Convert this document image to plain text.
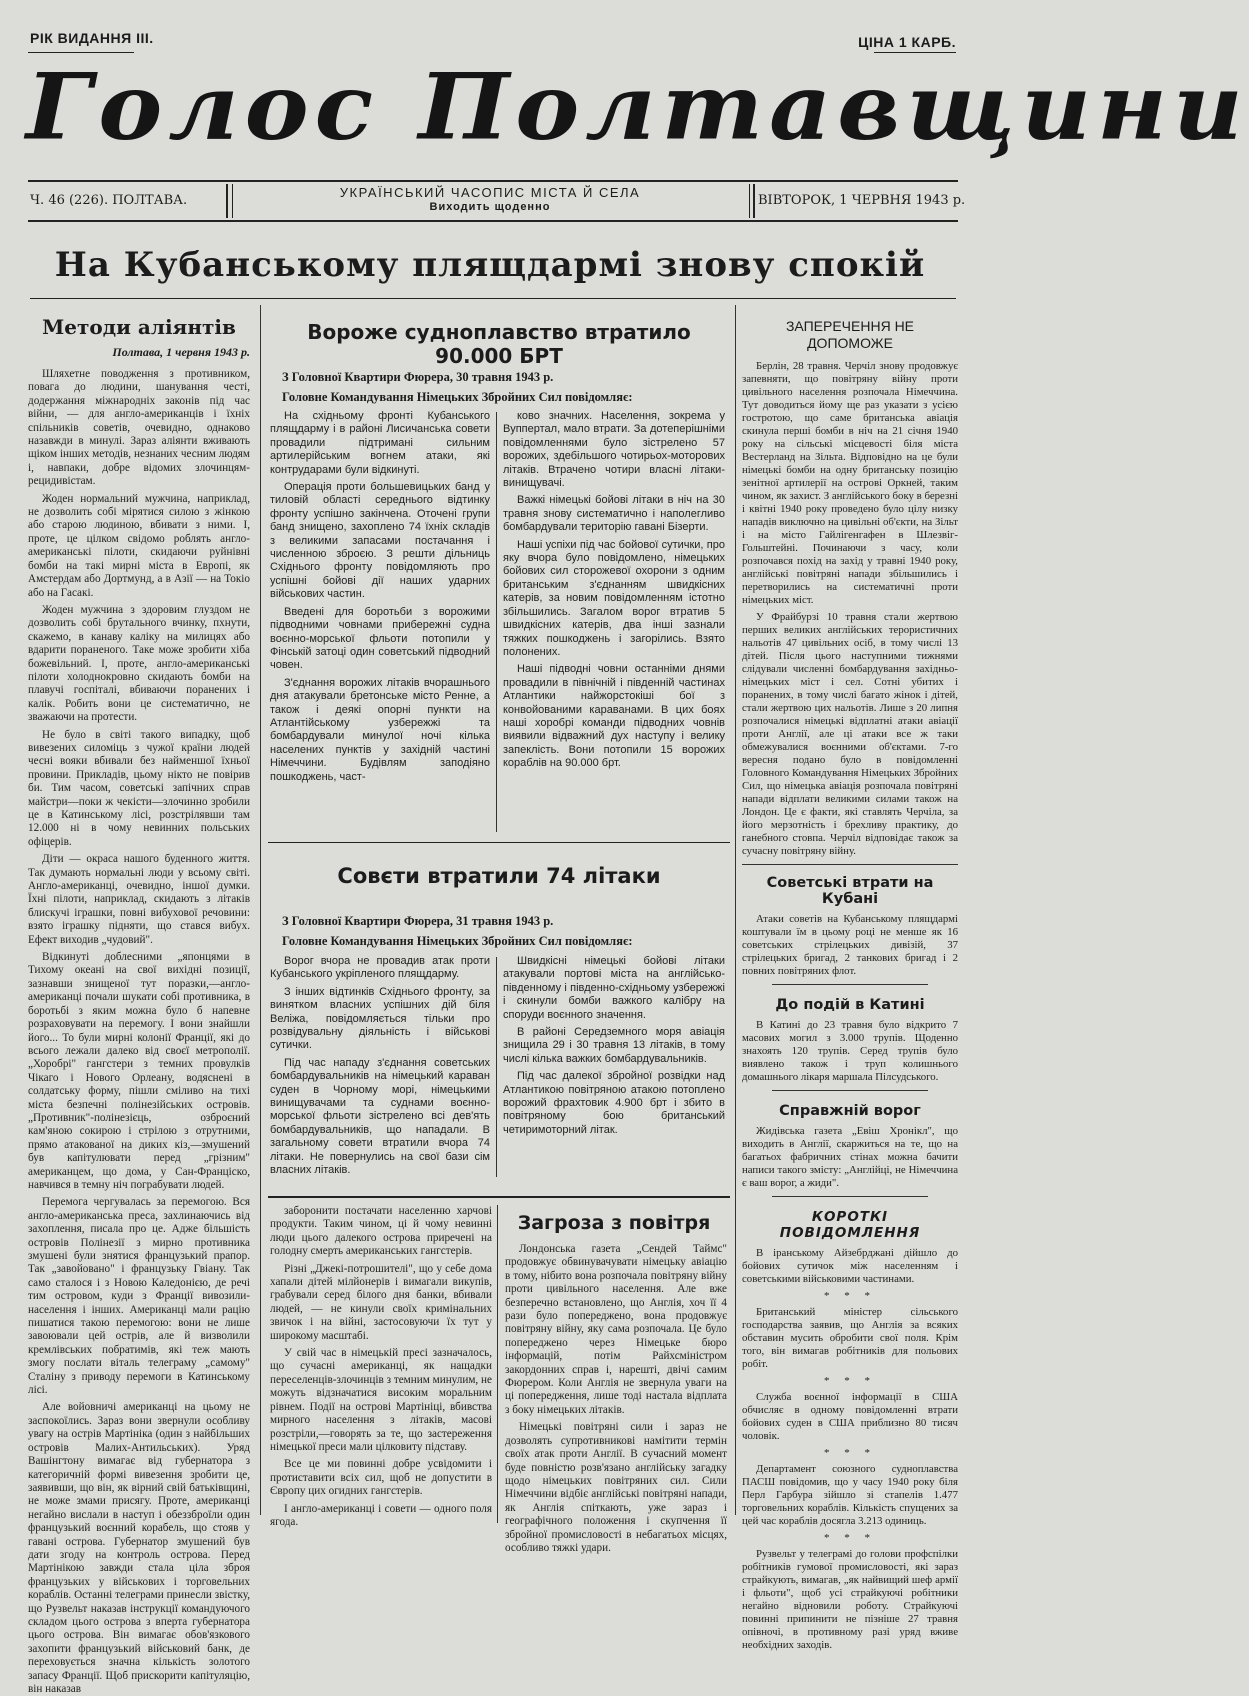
РІК ВИДАННЯ ІІІ.	ЦІНА 1 КАРБ.
Голос Полтавщини
Ч. 46 (226). ПОЛТАВА.
УКРАЇНСЬКИЙ ЧАСОПИС МІСТА Й СЕЛА
Виходить щоденно	ВІВТОРОК, 1 ЧЕРВНЯ 1943 р.
На Кубанському плящдармі знову спокій
Методи аліянтів
Полтава, 1 червня 1943 р.

Шляхетне поводження з противником, повага до людини, шанування честі, додержання міжнародніх законів під час війни, — для англо-американців і їхніх спільників советів, очевидно, однаково назавжди в минулі. Зараз аліянти вживають щіком інших методів, незнаних чесним людям і, навпаки, добре відомих злочинцям-рецидивістам.

Жоден нормальний мужчина, наприклад, не дозволить собі мірятися силою з жінкою або старою людиною, вбивати з ними. І, проте, це цілком свідомо роблять англо-американські пілоти, скидаючи руйнівні бомби на такі мирні міста в Европі, як Амстердам або Дортмунд, а в Азії — на Токіо або на Гасакі.

Жоден мужчина з здоровим глуздом не дозволить собі брутального вчинку, пхнути, скажемо, в канаву каліку на милицях або вдарити пораненого. Таке може зробити хіба божевільний. І, проте, англо-американські пілоти холоднокровно скидають бомби на плавучі госпіталі, вбиваючи поранених і калік. Робить вони це систематично, не зважаючи на протести.

Не було в світі такого випадку, щоб вивезених силоміць з чужої країни людей чесні вояки вбивали без найменшої їхньої провини. Прикладів, цьому нікто не повірив би. Тим часом, советські запічних справ майстри—поки ж чекісти—злочинно зробили це в Катинському лісі, розстрілявши там 12.000 ні в чому невинних польських офіцерів.

Діти — окраса нашого буденного життя. Так думають нормальні люди у всьому світі. Англо-американці, очевидно, іншої думки. Їхні пілоти, наприклад, скидають з літаків блискучі іграшки, повні вибухової речовини: взято іграшку підняти, що стався вибух. Ефект виходив „чудовий".

Відкинуті доблесними „японцями в Тихому океані на свої вихідні позиції, зазнавши знищеної тут поразки,—англо-американці почали шукати собі противника, в боротьбі з яким можна було б напевне розраховувати на перемогу. І вони знайшли його... То були мирні колонії Франції, які до всього лежали далеко від своєї метрополії. „Хоробрі" гангстери з темних провулків Чікаго і Нового Орлеану, водяснені в солдатську форму, пішли сміливо на тихі міста безпечні полінезійських островів. „Противник"-полінезієць, озброєний кам'яною сокирою і стрілою з отрутними, прямо атакованої на диких кіз,—змушений був капітулювати перед „грізним" американцем, що дома, у Сан-Франціско, навчився в темну ніч пограбувати людей.

Перемога чергувалась за перемогою. Вся англо-американська преса, захлинаючись від захоплення, писала про це. Адже більшість островів Полінезії з мирно противника змушені були знятися французький прапор. Так „завойовано" і французьку Гвіану. Так само сталося і з Новою Каледонією, де речі тим островом, куди з Франції вивозили-населення і інших. Американці мали рацію пишатися такою перемогою: вони не лише завоювали цей острів, але й визволили кремлівських побратимів, які теж мають змогу послати віталь телеграму „самому" Сталіну з приводу перемоги в Катинському лісі.

Але войовничі американці на цьому не заспокоїлись. Зараз вони звернули особливу увагу на острів Мартініка (один з найбільших островів Малих-Антильських). Уряд Вашінгтону вимагає від губернатора з категоричній формі вивезення зробити це, заявивши, що він, як вірний свій батьківщині, не може змами присягу. Проте, американці негайно вислали в наступ і обеззброїли один французький воєнний корабель, що стояв у гавані острова. Губернатор змушений був дати згоду на контроль острова. Перед Мартінікою завжди стала ціла зброя французьких у військових і торговельних кораблів. Останні телеграми принесли звістку, що Рузвельт наказав інструкції командуючого складом цього острова з вперта губернатора цього острова. Він вимагає обов'язкового захопити французький військовий банк, де переховується значна кількість золотого запасу Франції. Щоб прискорити капітуляцію, він наказав

Вороже судноплавство втратило 90.000 БРТ
З Головної Квартири Фюрера, 30 травня 1943 р.
Головне Командування Німецьких Збройних Сил повідомляє:

На східньому фронті Кубанського плящдарму і в районі Лисичанська совети провадили підтримані сильним артилерійським вогнем атаки, які контрударами були відкинуті.

Операція проти большевицьких банд у тиловій області середнього відтинку фронту успішно закінчена. Оточені групи банд знищено, захоплено 74 їхніх складів з великими запасами постачання і численною зброєю. З решти дільниць Східнього фронту повідомляють про успішні бойові дії наших ударних військових частин.

Введені для боротьби з ворожими підводними човнами прибережні судна воєнно-морської фльоти потопили у Фінській затоці один советський підводний човен.

З'єднання ворожих літаків вчорашнього дня атакували бретонське місто Ренне, а також і деякі опорні пункти на Атлантійському узбережжі та бомбардували минулої ночі кілька населених пунктів у західній частині Німеччини. Будівлям заподіяно пошкоджень, част-

ково значних. Населення, зокрема у Вуппертал, мало втрати. За дотеперішніми повідомленнями було зістрелено 57 ворожих, здебільшого чотирьох-моторових літаків. Втрачено чотири власні літаки-винищувачі.

Важкі німецькі бойові літаки в ніч на 30 травня знову систематично і наполегливо бомбардували територію гавані Бізерти.

Наші успіхи під час бойової сутички, про яку вчора було повідомлено, німецьких бойових сил сторожевої охорони з одним британським з'єднанням швидкісних катерів, за новим повідомленням істотно збільшились. Загалом ворог втратив 5 швидкісних катерів, два інші зазнали тяжких пошкоджень і загорілись. Взято полонених.

Наші підводні човни останніми днями провадили в північній і південній частинах Атлантики найжорстокіші бої з конвойованими караванами. В цих боях наші хоробрі команди підводних човнів виявили відважний дух наступу і велику запеклість. Вони потопили 15 ворожих кораблів на 90.000 брт.

Совєти втратили 74 літаки
З Головної Квартири Фюрера, 31 травня 1943 р.
Головне Командування Німецьких Збройних Сил повідомляє:

Ворог вчора не провадив атак проти Кубанського укріпленого плящдарму.

З інших відтинків Східнього фронту, за винятком власних успішних дій біля Веліжа, повідомляється тільки про розвідувальну діяльність і військові сутички.

Під час нападу з'єднання советських бомбардувальників на німецький караван суден в Чорному морі, німецькими винищувачами та суднами воєнно-морської фльоти зістрелено всі дев'ять бомбардувальників, що нападали. В загальному совети втратили вчора 74 літаки. Не повернулись на свої бази сім власних літаків.

Швидкісні німецькі бойові літаки атакували портові міста на англійсько-південному і південно-східньому узбережжі і скинули бомби важкого калібру на споруди воєнного значення.

В районі Середземного моря авіація знищила 29 і 30 травня 13 літаків, в тому числі кілька важких бомбардувальників.

Під час далекої збройної розвідки над Атлантикою повітряною атакою потоплено ворожий фрахтовик 4.900 брт і збито в повітряному бою британський четиримоторний літак.

заборонити постачати населенню харчові продукти. Таким чином, ці й чому невинні люди цього далекого острова приречені на голодну смерть американських гангстерів.

Різні „Джекі-потрошителі", що у себе дома хапали дітей мілйонерів і вимагали викупів, грабували серед білого дня банки, вбивали людей, — не кинули своїх кримінальних звичок і на війні, застосовуючи їх тут у широкому масштабі.

У свій час в німецькій пресі зазначалось, що сучасні американці, як нащадки переселенців-злочинців з темним минулим, не можуть відзначатися високим моральним рівнем. Події на острові Мартініці, вбивства мирного населення з літаків, масові розстріли,—говорять за те, що застереження німецької преси мали цілковиту підставу.

Все це ми повинні добре усвідомити і протиставити всіх сил, щоб не допустити в Європу цих огидних гангстерів.

І англо-американці і совети — одного поля ягода.

Загроза з повітря

Лондонська газета „Сендей Таймс" продовжує обвинувачувати німецьку авіацію в тому, нібито вона розпочала повітряну війну проти цивільного населення. Але вже безперечно встановлено, що Англія, хоч її 4 рази було попереджено, вона продовжує повітряну війну, яку сама розпочала. Це було попереджено через Німецьке бюро інформацій, потім Райхсміністром закордонних справ і, нарешті, двічі самим Фюрером. Коли Англія не звернула уваги на ці попередження, лише тоді настала відплата з боку німецьких літаків.

Німецькі повітряні сили і зараз не дозволять супротивникові намітити термін своїх атак проти Англії. В сучасний момент буде повністю розв'язано англійську загадку щодо німецьких повітряних сил. Сили Німеччини відбіє англійські повітряні напади, як Англія спіткають, уже зараз і географічного положення і скупчення її збройної промисловості в небагатьох місцях, особливо тяжкі удари.

ЗАПЕРЕЧЕННЯ НЕ ДОПОМОЖЕ

Берлін, 28 травня. Черчіл знову продовжує запевняти, що повітряну війну проти цивільного населення розпочала Німеччина. Тут доводиться йому ще раз указати з усією гостротою, що саме британська авіація скинула перші бомби в ніч на 21 січня 1940 року на сільські місцевості біля міста Вестерланд на Зільта. Відповідно на це були німецькі бомби на одну британську позицію зенітної артилерії на острові Оркней, таким чином, як захист. З англійського боку в березні і квітні 1940 року проведено було цілу низку нападів виключно на цивільні об'єкти, на Зільт і на місто Гайлігенгафен в Шлезвіг-Гольштейні. Починаючи з часу, коли розпочався похід на захід у травні 1940 року, англійські повітряні напади збільшились і перетворились на систематичні проти німецьких міст.

У Фрайбурзі 10 травня стали жертвою перших великих англійських терористичних нальотів 47 цивільних осіб, в тому числі 13 дітей. Після цього наступними тижнями слідували численні бомбардування західньо-німецьких міст і сел. Сотні убитих і поранених, в тому числі багато жінок і дітей, стали жертвою цих нальотів. Лише з 20 липня розпочалися німецькі відплатні атаки авіації проти Англії, але ці атаки все ж таки обмежувалися воєнними об'єктами. 7-го вересня подано було в повідомленні Головного Командування Німецьких Збройних Сил, що німецька авіація розпочала повітряні напади відплати великими силами також на Лондон. Це є факти, які ставлять Черчіла, за його мерзотність і брехливу практику, до ганебного стовпа. Черчіл відповідає також за сучасну повітряну війну.

Советські втрати на Кубані

Атаки советів на Кубанському плящдармі коштували їм в цьому році не менше як 16 советських стрілецьких дивізій, 37 стрілецьких бригад, 2 танкових бригад і 2 повних повітряних флот.

До подій в Катині

В Катині до 23 травня було відкрито 7 масових могил з 3.000 трупів. Щоденно знахоять 120 трупів. Серед трупів було виявлено також і труп колишнього домашнього лікаря маршала Пілсудського.

Справжній ворог

Жидівська газета „Евіш Хронікл", що виходить в Англії, скаржиться на те, що на багатьох фабричних стінах можна бачити написи такого змісту: „Англійці, не Німеччина є ваш ворог, а жиди".

КОРОТКІ ПОВІДОМЛЕННЯ

В іранському Айзебрджані дійшло до бойових сутичок між населенням і советськими військовими частинами.

* * *

Британський міністер сільського господарства заявив, що Англія за всяких обставин мусить обробити свої поля. Крім того, він вимагав робітників для польових робіт.

* * *

Служба воєнної інформації в США обчисляє в одному повідомленні втрати бойових суден в США приблизно 80 тисяч чоловік.

* * *

Департамент союзного судноплавства ПАСШ повідомив, що у часу 1940 року біля Перл Гарбура зійшло зі стапелів 1.477 торговельних кораблів. Кількість спущених за цей час кораблів досягла 3.213 одиниць.

* * *

Рузвельт у телеграмі до голови профспілки робітників гумової промисловості, які зараз страйкують, вимагав, „як найвищий шеф армії і фльоти", щоб усі страйкуючі робітники негайно відновили роботу. Страйкуючі повинні припинити не пізніше 27 травня опівночі, в противному разі уряд вживе необхідних заходів.
